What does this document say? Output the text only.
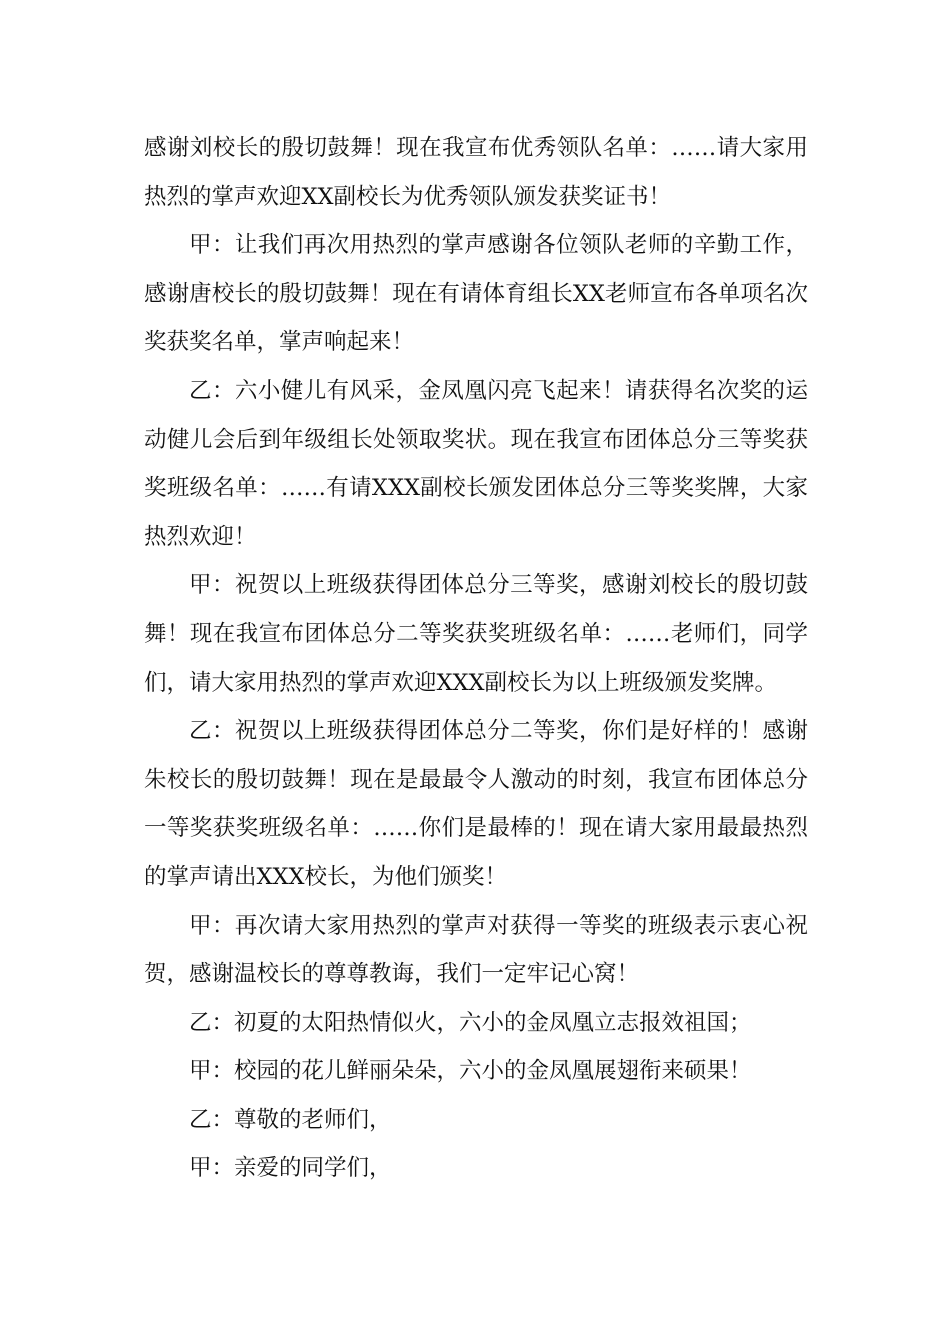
感谢刘校长的殷切鼓舞！现在我宣布优秀领队名单：……请大家用热烈的掌声欢迎XX副校长为优秀领队颁发获奖证书！

甲：让我们再次用热烈的掌声感谢各位领队老师的辛勤工作，感谢唐校长的殷切鼓舞！现在有请体育组长XX老师宣布各单项名次奖获奖名单，掌声响起来！

乙：六小健儿有风采，金凤凰闪亮飞起来！请获得名次奖的运动健儿会后到年级组长处领取奖状。现在我宣布团体总分三等奖获奖班级名单：……有请XXX副校长颁发团体总分三等奖奖牌，大家热烈欢迎！

甲：祝贺以上班级获得团体总分三等奖，感谢刘校长的殷切鼓舞！现在我宣布团体总分二等奖获奖班级名单：……老师们，同学们，请大家用热烈的掌声欢迎XXX副校长为以上班级颁发奖牌。

乙：祝贺以上班级获得团体总分二等奖，你们是好样的！感谢朱校长的殷切鼓舞！现在是最最令人激动的时刻，我宣布团体总分一等奖获奖班级名单：……你们是最棒的！现在请大家用最最热烈的掌声请出XXX校长，为他们颁奖！

甲：再次请大家用热烈的掌声对获得一等奖的班级表示衷心祝贺，感谢温校长的尊尊教诲，我们一定牢记心窝！

乙：初夏的太阳热情似火，六小的金凤凰立志报效祖国；

甲：校园的花儿鲜丽朵朵，六小的金凤凰展翅衔来硕果！

乙：尊敬的老师们，

甲：亲爱的同学们，
